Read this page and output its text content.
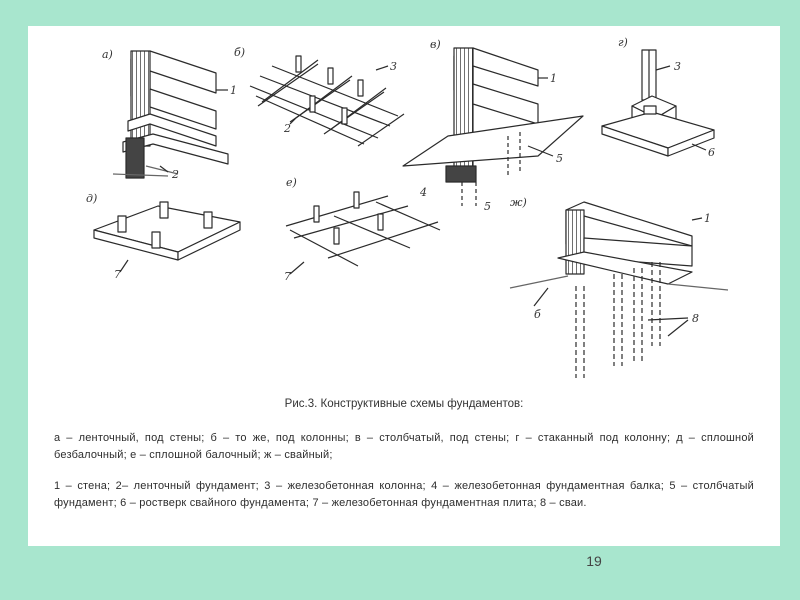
а)	б)
в)	г)
д)
е)
ж)
1
2
3
2
1
5
4
5
3
6
7	7
1
8
б

Рис.3. Конструктивные схемы фундаментов:

а – ленточный, под стены; б – то же, под колонны; в – столбчатый, под стены; г – стаканный под колонну; д – сплошной безбалочный; е – сплошной балочный; ж – свайный;

1 – стена; 2– ленточный фундамент; 3 – железобетонная колонна; 4 – железобетонная фундаментная балка; 5 – столбчатый фундамент; 6 – ростверк свайного фундамента; 7 – железобетонная фундаментная плита; 8 – сваи.

19
